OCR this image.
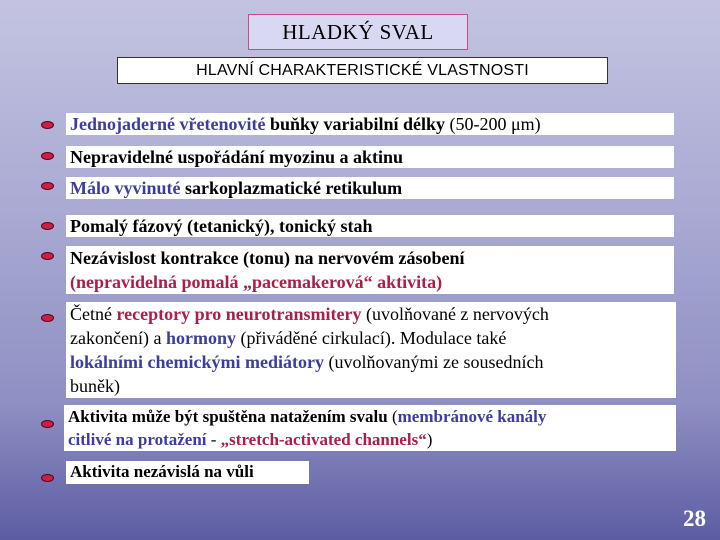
HLADKÝ SVAL
HLAVNÍ CHARAKTERISTICKÉ VLASTNOSTI
Jednojaderné vřetenovité buňky variabilní délky (50-200 μm)
Nepravidelné uspořádání myozinu a aktinu
Málo vyvinuté sarkoplazmatické retikulum
Pomalý fázový (tetanický), tonický stah
Nezávislost kontrakce (tonu) na nervovém zásobení
(nepravidelná pomalá „pacemakerová“ aktivita)
Četné receptory pro neurotransmitery (uvolňované z nervových
zakončení) a hormony (přiváděné cirkulací). Modulace také
lokálními chemickými mediátory (uvolňovanými ze sousedních
buněk)
Aktivita může být spuštěna natažením svalu (membránové kanály
citlivé na protažení - „stretch-activated channels“)
Aktivita nezávislá na vůli
28
